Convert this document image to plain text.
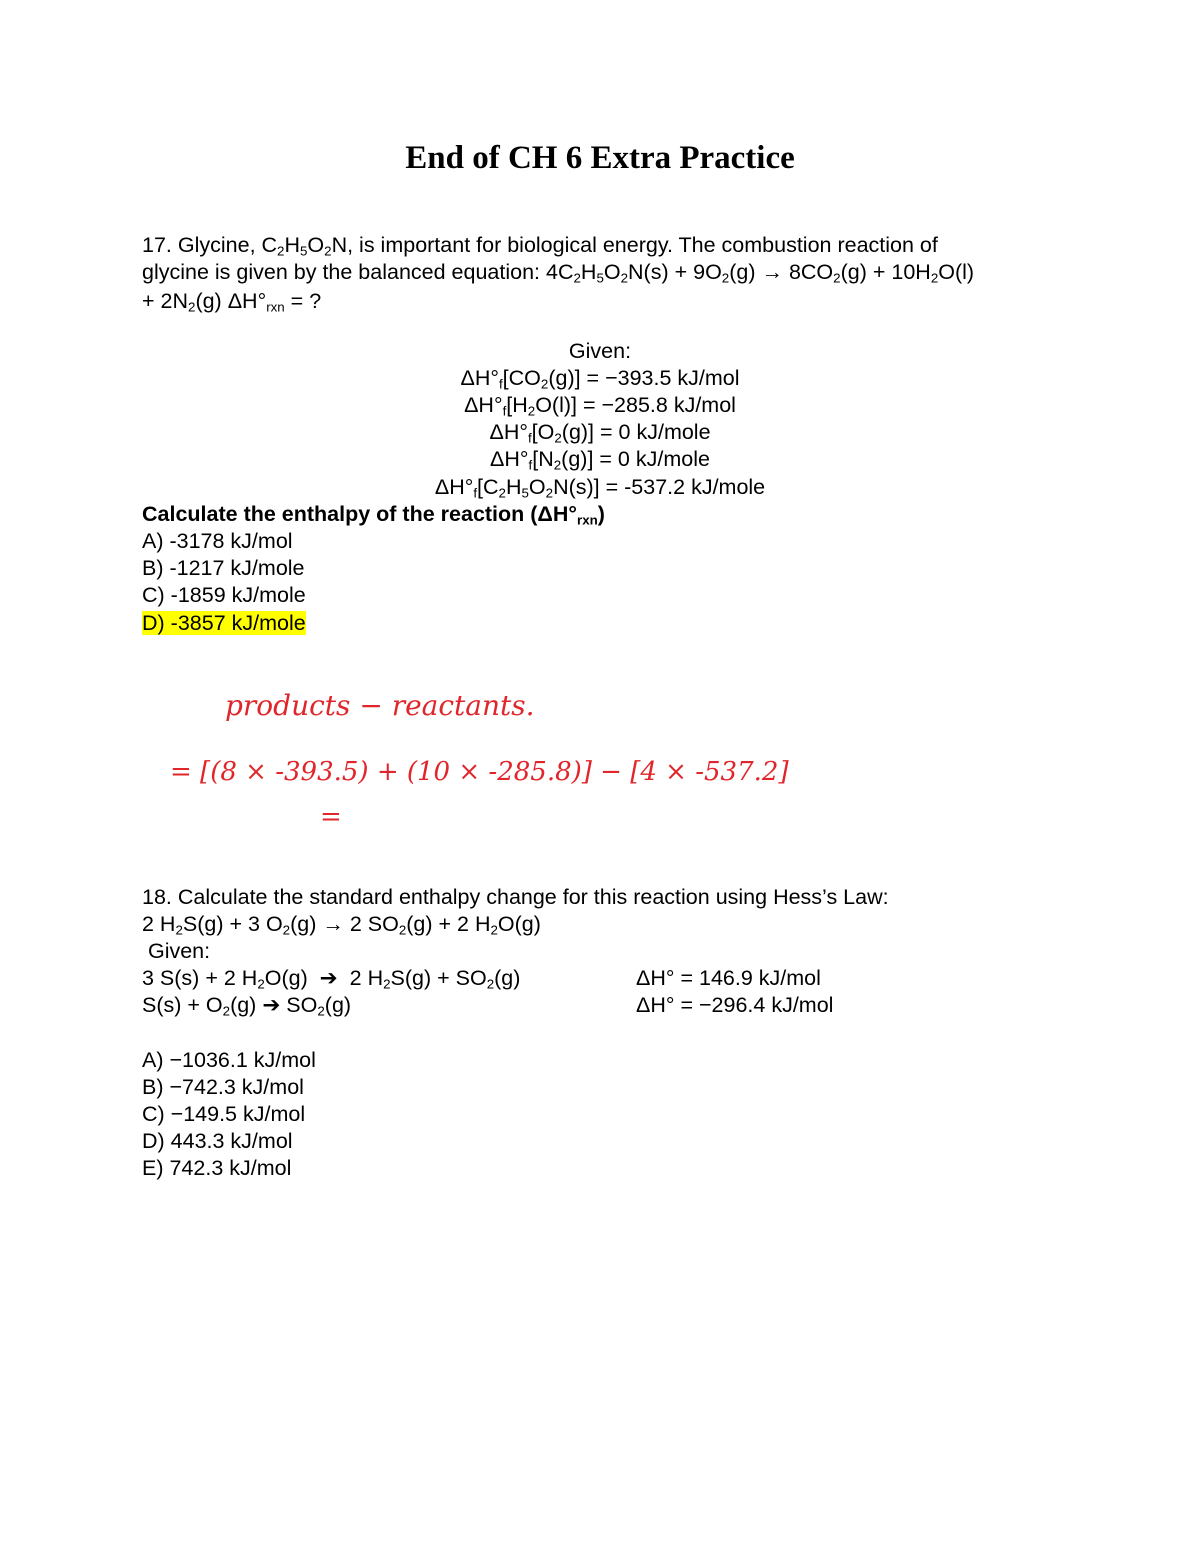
End of CH 6 Extra Practice
17. Glycine, $C_2H_5O_2N$, is important for biological energy. The combustion reaction of
glycine is given by the balanced equation: $4C_2H_5O_2N(s) + 9O_2(g) \to 8CO_2(g) + 10H_2O(l)$
+ $2N_2(g) \Delta H^\circ_{rxn}$ = ?
Given:
$\Delta H^\circ_f[CO_2(g)] = -393.5$ kJ/mol
$\Delta H^\circ_f[H_2O(l)] = -285.8$ kJ/mol
$\Delta H^\circ_f[O_2(g)] = 0$ kJ/mole
$\Delta H^\circ_f[N_2(g)] = 0$ kJ/mole
$\Delta H^\circ_f[C_2H_5O_2N(s)] = -537.2$ kJ/mole
Calculate the enthalpy of the reaction $(\Delta H^\circ_{rxn})$
A) -3178 kJ/mol
B) -1217 kJ/mole
C) -1859 kJ/mole
D) -3857 kJ/mole
products − reactants.
= [(8 × -393.5) + (10 × -285.8)] − [4 × -537.2]
=
18. Calculate the standard enthalpy change for this reaction using Hess’s Law:
2 $H_2S(g) + 3$ $O_2(g) \to 2$ $SO_2(g) + 2$ $H_2O(g)$
Given:
3 S(s) + 2 $H_2O(g)$  ➔  2 $H_2S(g) + SO_2(g)$	ΔH° = 146.9 kJ/mol
$S(s) + O_2(g)$ ➔ $SO_2(g)$	ΔH° = −296.4 kJ/mol
A) −1036.1 kJ/mol
B) −742.3 kJ/mol
C) −149.5 kJ/mol
D) 443.3 kJ/mol
E) 742.3 kJ/mol
